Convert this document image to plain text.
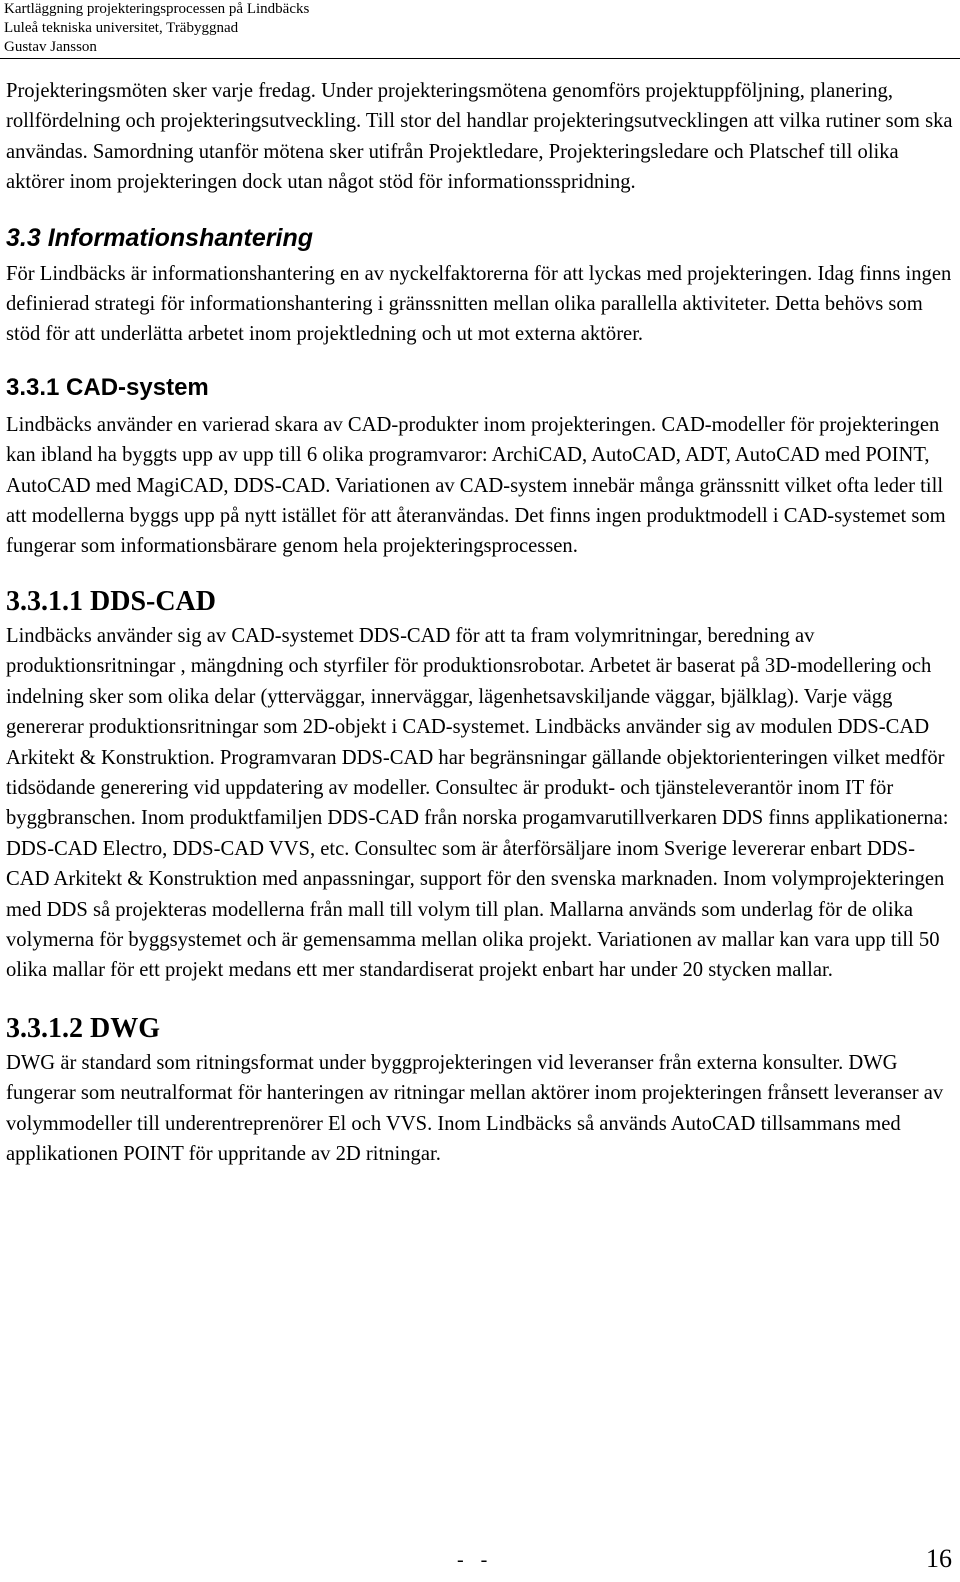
Kartläggning projekteringsprocessen på Lindbäcks
Luleå tekniska universitet, Träbyggnad
Gustav Jansson

Projekteringsmöten sker varje fredag. Under projekteringsmötena genomförs projektuppföljning, planering, rollfördelning och projekteringsutveckling. Till stor del handlar projekteringsutvecklingen att vilka rutiner som ska användas. Samordning utanför mötena sker utifrån Projektledare, Projekteringsledare och Platschef till olika aktörer inom projekteringen dock utan något stöd för informationsspridning.

3.3 Informationshantering

För Lindbäcks är informationshantering en av nyckelfaktorerna för att lyckas med projekteringen. Idag finns ingen definierad strategi för informationshantering i gränssnitten mellan olika parallella aktiviteter. Detta behövs som stöd för att underlätta arbetet inom projektledning och ut mot externa aktörer.

3.3.1 CAD-system

Lindbäcks använder en varierad skara av CAD-produkter inom projekteringen. CAD-modeller för projekteringen kan ibland ha byggts upp av upp till 6 olika programvaror: ArchiCAD, AutoCAD, ADT, AutoCAD med POINT, AutoCAD med MagiCAD, DDS-CAD. Variationen av CAD-system innebär många gränssnitt vilket ofta leder till att modellerna byggs upp på nytt istället för att återanvändas. Det finns ingen produktmodell i CAD-systemet som fungerar som informationsbärare genom hela projekteringsprocessen.

3.3.1.1 DDS-CAD

Lindbäcks använder sig av CAD-systemet DDS-CAD för att ta fram volymritningar, beredning av produktionsritningar , mängdning och styrfiler för produktionsrobotar. Arbetet är baserat på 3D-modellering och indelning sker som olika delar (ytterväggar, innerväggar, lägenhetsavskiljande väggar, bjälklag). Varje vägg genererar produktionsritningar som 2D-objekt i CAD-systemet. Lindbäcks använder sig av modulen DDS-CAD Arkitekt & Konstruktion. Programvaran DDS-CAD har begränsningar gällande objektorienteringen vilket medför tidsödande generering vid uppdatering av modeller. Consultec är produkt- och tjänsteleverantör inom IT för byggbranschen. Inom produktfamiljen DDS-CAD från norska progamvarutillverkaren DDS finns applikationerna: DDS-CAD Electro, DDS-CAD VVS, etc. Consultec som är återförsäljare inom Sverige levererar enbart DDS-CAD Arkitekt & Konstruktion med anpassningar, support för den svenska marknaden. Inom volymprojekteringen med DDS så projekteras modellerna från mall till volym till plan. Mallarna används som underlag för de olika volymerna för byggsystemet och är gemensamma mellan olika projekt. Variationen av mallar kan vara upp till 50 olika mallar för ett projekt medans ett mer standardiserat projekt enbart har under 20 stycken mallar.

3.3.1.2 DWG

DWG är standard som ritningsformat under byggprojekteringen vid leveranser från externa konsulter. DWG fungerar som neutralformat för hanteringen av ritningar mellan aktörer inom projekteringen frånsett leveranser av volymmodeller till underentreprenörer El och VVS. Inom Lindbäcks så används AutoCAD tillsammans med applikationen POINT för uppritande av 2D ritningar.

- -	16
